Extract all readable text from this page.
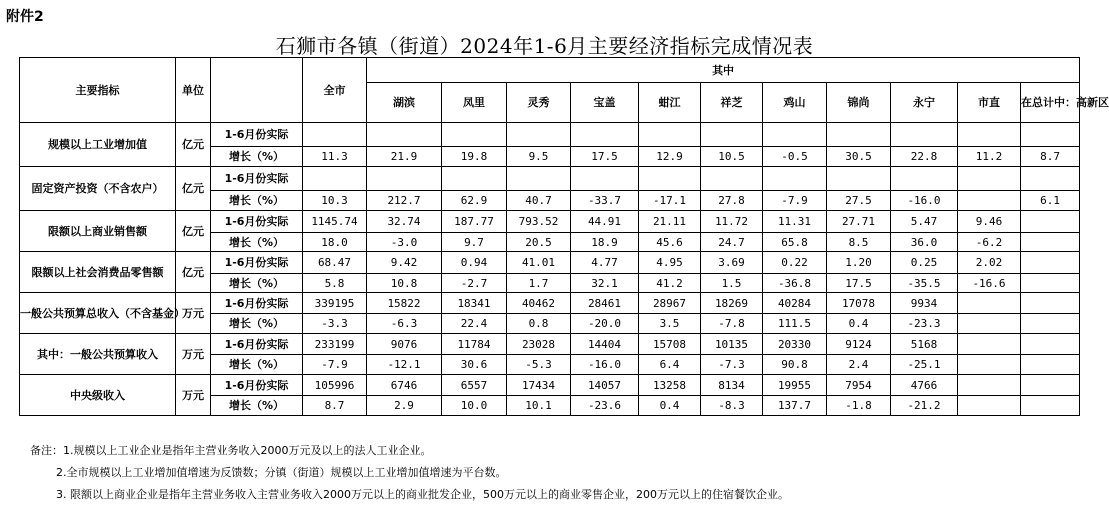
附件2
石狮市各镇（街道）2024年1-6月主要经济指标完成情况表
主要指标	单位		全市	其中										
				湖滨	凤里	灵秀	宝盖	蚶江	祥芝	鸡山	锦尚	永宁	市直	在总计中：高新区
规模以上工业增加值	亿元	1-6月份实际												
		增长（%）	11.3	21.9	19.8	9.5	17.5	12.9	10.5	-0.5	30.5	22.8	11.2	8.7
固定资产投资（不含农户）	亿元	1-6月份实际												
		增长（%）	10.3	212.7	62.9	40.7	-33.7	-17.1	27.8	-7.9	27.5	-16.0		6.1
限额以上商业销售额	亿元	1-6月份实际	1145.74	32.74	187.77	793.52	44.91	21.11	11.72	11.31	27.71	5.47	9.46	
		增长（%）	18.0	-3.0	9.7	20.5	18.9	45.6	24.7	65.8	8.5	36.0	-6.2	
限额以上社会消费品零售额	亿元	1-6月份实际	68.47	9.42	0.94	41.01	4.77	4.95	3.69	0.22	1.20	0.25	2.02	
		增长（%）	5.8	10.8	-2.7	1.7	32.1	41.2	1.5	-36.8	17.5	-35.5	-16.6	
一般公共预算总收入（不含基金）	万元	1-6月份实际	339195	15822	18341	40462	28461	28967	18269	40284	17078	9934		
		增长（%）	-3.3	-6.3	22.4	0.8	-20.0	3.5	-7.8	111.5	0.4	-23.3		
其中：一般公共预算收入	万元	1-6月份实际	233199	9076	11784	23028	14404	15708	10135	20330	9124	5168		
		增长（%）	-7.9	-12.1	30.6	-5.3	-16.0	6.4	-7.3	90.8	2.4	-25.1		
中央级收入	万元	1-6月份实际	105996	6746	6557	17434	14057	13258	8134	19955	7954	4766		
		增长（%）	8.7	2.9	10.0	10.1	-23.6	0.4	-8.3	137.7	-1.8	-21.2		
备注：1.规模以上工业企业是指年主营业务收入2000万元及以上的法人工业企业。
2.全市规模以上工业增加值增速为反馈数；分镇（街道）规模以上工业增加值增速为平台数。
3. 限额以上商业企业是指年主营业务收入主营业务收入2000万元以上的商业批发企业，500万元以上的商业零售企业，200万元以上的住宿餐饮企业。
